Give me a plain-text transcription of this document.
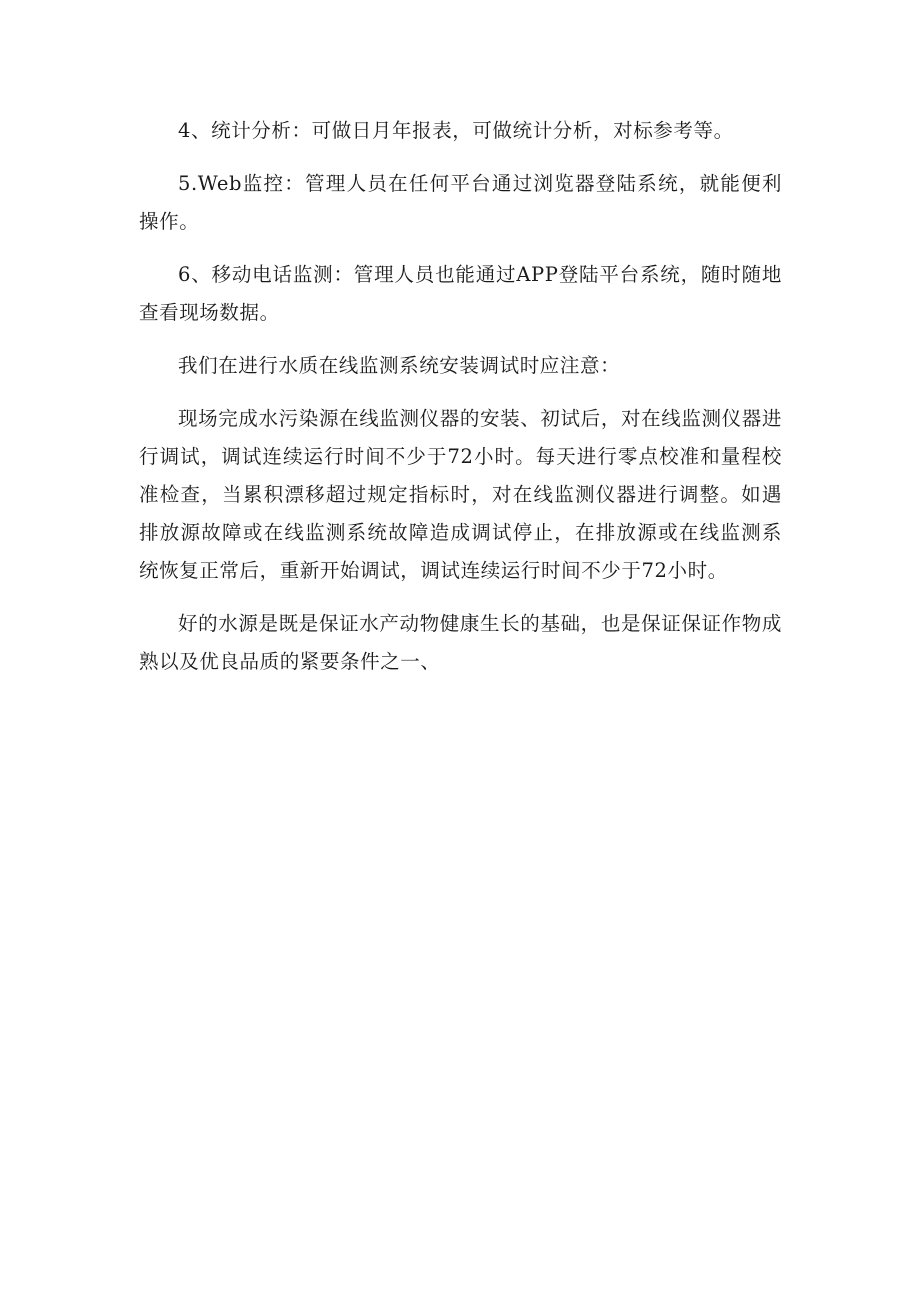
4、统计分析：可做日月年报表，可做统计分析，对标参考等。

5.Web监控：管理人员在任何平台通过浏览器登陆系统，就能便利操作。

6、移动电话监测：管理人员也能通过APP登陆平台系统，随时随地查看现场数据。

我们在进行水质在线监测系统安装调试时应注意：

现场完成水污染源在线监测仪器的安装、初试后，对在线监测仪器进行调试，调试连续运行时间不少于72小时。每天进行零点校准和量程校准检查，当累积漂移超过规定指标时，对在线监测仪器进行调整。如遇排放源故障或在线监测系统故障造成调试停止，在排放源或在线监测系统恢复正常后，重新开始调试，调试连续运行时间不少于72小时。

好的水源是既是保证水产动物健康生长的基础，也是保证保证作物成熟以及优良品质的紧要条件之一、
